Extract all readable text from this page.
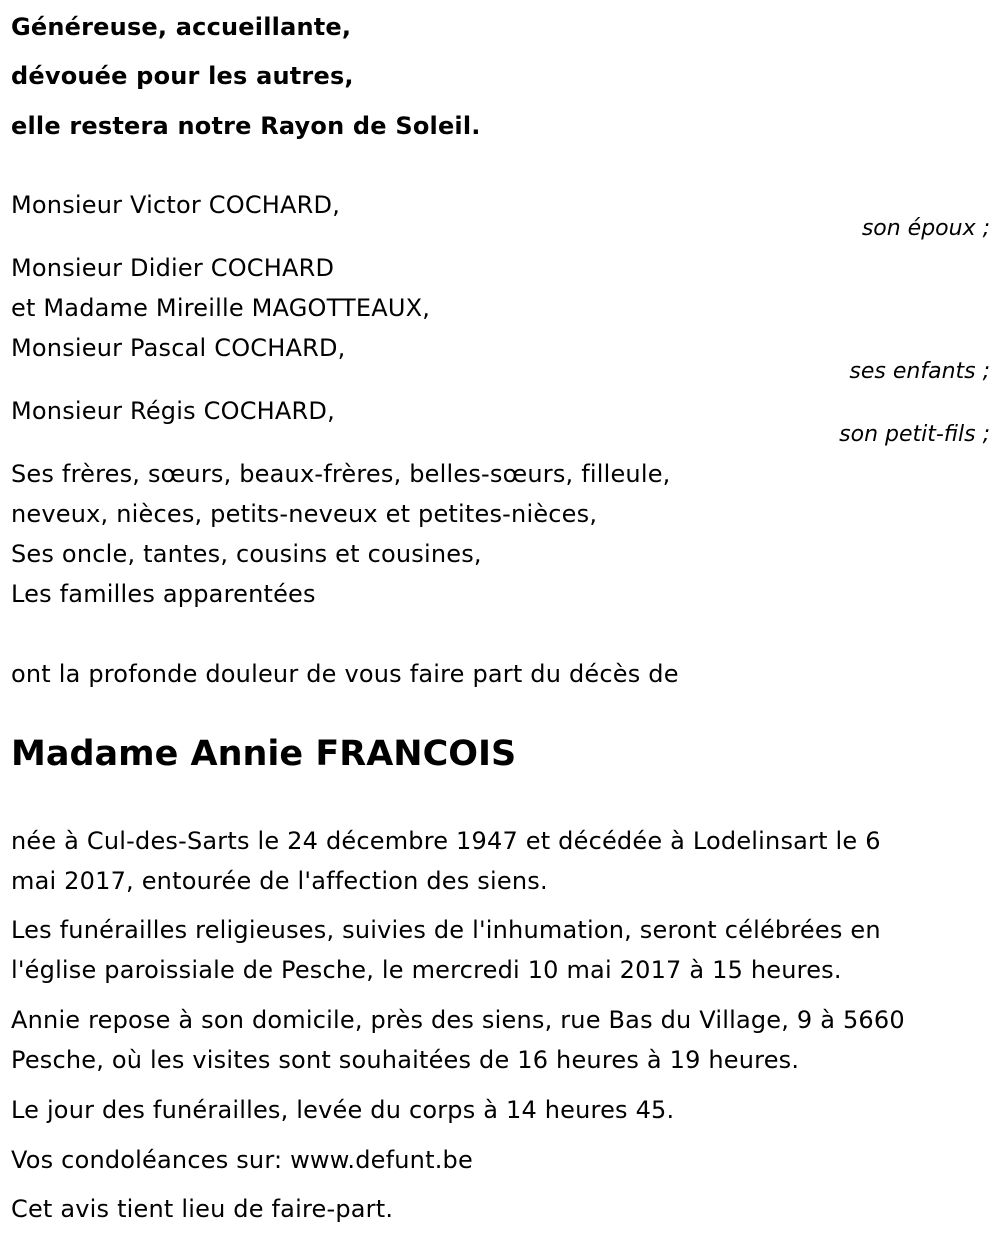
Généreuse, accueillante,
dévouée pour les autres,
elle restera notre Rayon de Soleil.
Monsieur Victor COCHARD,
son époux ;
Monsieur Didier COCHARD
et Madame Mireille MAGOTTEAUX,
Monsieur Pascal COCHARD,
ses enfants ;
Monsieur Régis COCHARD,
son petit-fils ;
Ses frères, sœurs, beaux-frères, belles-sœurs, filleule,
neveux, nièces, petits-neveux et petites-nièces,
Ses oncle, tantes, cousins et cousines,
Les familles apparentées
ont la profonde douleur de vous faire part du décès de
Madame Annie FRANCOIS
née à Cul-des-Sarts le 24 décembre 1947 et décédée à Lodelinsart le 6
mai 2017, entourée de l'affection des siens.
Les funérailles religieuses, suivies de l'inhumation, seront célébrées en
l'église paroissiale de Pesche, le mercredi 10 mai 2017 à 15 heures.
Annie repose à son domicile, près des siens, rue Bas du Village, 9 à 5660
Pesche, où les visites sont souhaitées de 16 heures à 19 heures.
Le jour des funérailles, levée du corps à 14 heures 45.
Vos condoléances sur: www.defunt.be
Cet avis tient lieu de faire-part.
